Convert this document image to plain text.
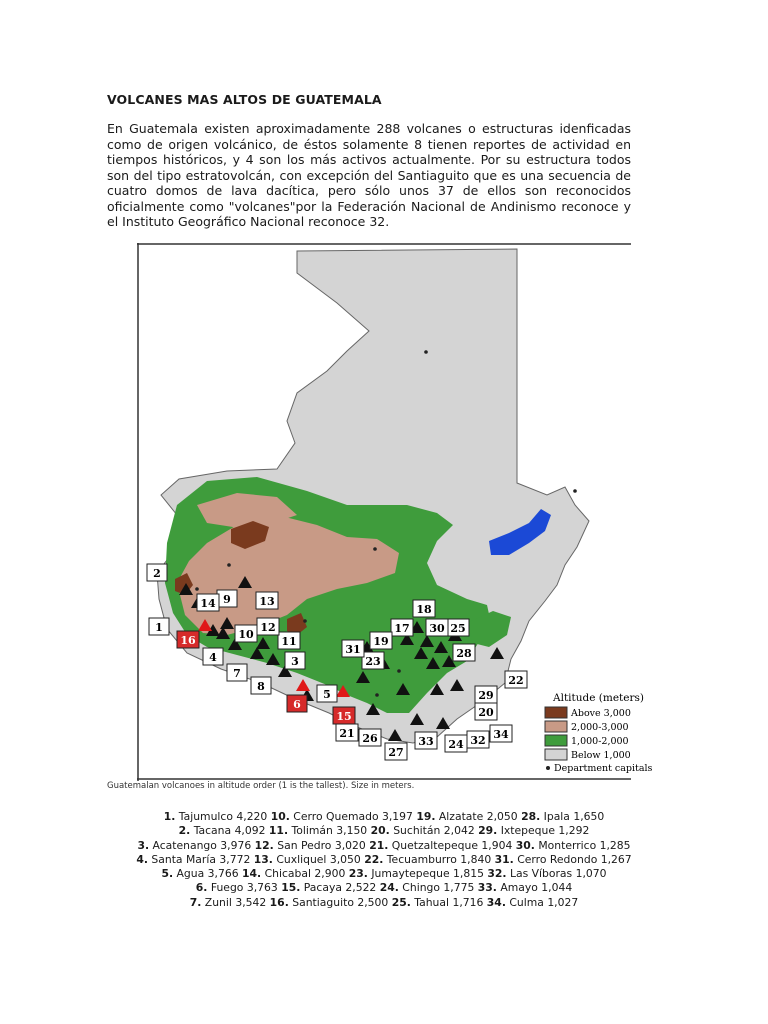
VOLCANES MAS ALTOS DE GUATEMALA
En Guatemala existen aproximadamente 288 volcanes o estructuras idenficadas como de origen volcánico, de éstos solamente 8 tienen reportes de actividad en tiempos históricos, y 4 son los más activos actualmente. Por su estructura todos son del tipo estratovolcán, con excepción del Santiaguito que es una secuencia de cuatro domos de lava dacítica, pero sólo unos 37 de ellos son reconocidos oficialmente como "volcanes"por la Federación Nacional de Andinismo reconoce y el Instituto Geográfico Nacional reconoce 32.
1
2
3
4
5
6
7
8
9
10
11
12
13
14
15
16
17
18
19
20
21
22
23
24
25
26
27
28
29
30
31
32
33
34
Altitude (meters)
Above 3,000
2,000-3,000
1,000-2,000
Below 1,000
Department capitals
Guatemalan volcanoes in altitude order (1 is the tallest). Size in meters.
1. Tajumulco 4,220 10. Cerro Quemado 3,197 19. Alzatate 2,050 28. Ipala 1,650
2. Tacana 4,092 11. Tolimán 3,150 20. Suchitán 2,042 29. Ixtepeque 1,292
3. Acatenango 3,976 12. San Pedro 3,020 21. Quetzaltepeque 1,904 30. Monterrico 1,285
4. Santa María 3,772 13. Cuxliquel 3,050 22. Tecuamburro 1,840 31. Cerro Redondo 1,267
5. Agua 3,766 14. Chicabal 2,900 23. Jumaytepeque 1,815 32. Las Víboras 1,070
6. Fuego 3,763 15. Pacaya 2,522 24. Chingo 1,775 33. Amayo 1,044
7. Zunil 3,542 16. Santiaguito 2,500 25. Tahual 1,716 34. Culma 1,027
